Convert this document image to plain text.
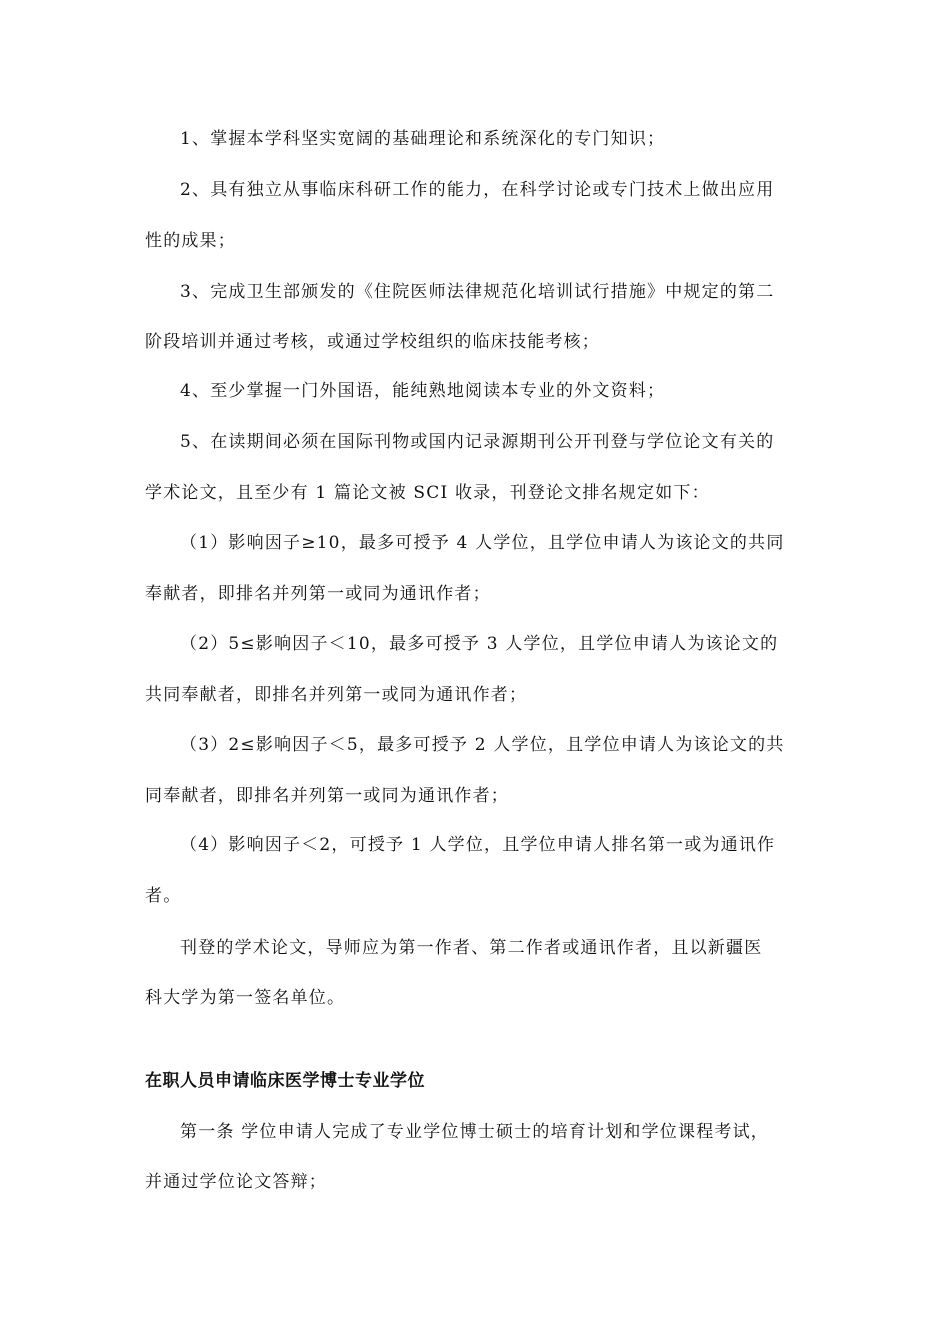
1、掌握本学科坚实宽阔的基础理论和系统深化的专门知识；
2、具有独立从事临床科研工作的能力，在科学讨论或专门技术上做出应用
性的成果；
3、完成卫生部颁发的《住院医师法律规范化培训试行措施》中规定的第二
阶段培训并通过考核，或通过学校组织的临床技能考核；
4、至少掌握一门外国语，能纯熟地阅读本专业的外文资料；
5、在读期间必须在国际刊物或国内记录源期刊公开刊登与学位论文有关的
学术论文，且至少有 1 篇论文被 SCI 收录，刊登论文排名规定如下：
（1）影响因子≥10，最多可授予 4 人学位，且学位申请人为该论文的共同
奉献者，即排名并列第一或同为通讯作者；
（2）5≤影响因子＜10，最多可授予 3 人学位，且学位申请人为该论文的
共同奉献者，即排名并列第一或同为通讯作者；
（3）2≤影响因子＜5，最多可授予 2 人学位，且学位申请人为该论文的共
同奉献者，即排名并列第一或同为通讯作者；
（4）影响因子＜2，可授予 1 人学位，且学位申请人排名第一或为通讯作
者。
刊登的学术论文，导师应为第一作者、第二作者或通讯作者，且以新疆医
科大学为第一签名单位。
在职人员申请临床医学博士专业学位
第一条 学位申请人完成了专业学位博士硕士的培育计划和学位课程考试，
并通过学位论文答辩；
